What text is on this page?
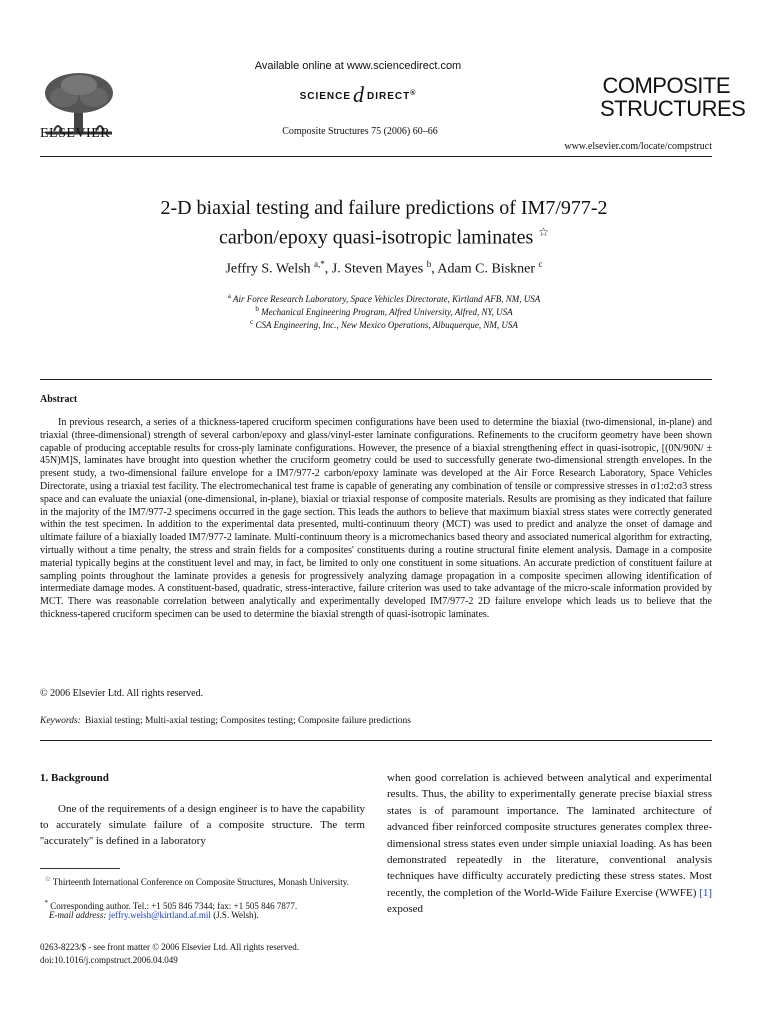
ELSEVIER
Available online at www.sciencedirect.com
SCIENCEd DIRECT®
Composite Structures 75 (2006) 60–66
COMPOSITE
STRUCTURES
www.elsevier.com/locate/compstruct
2-D biaxial testing and failure predictions of IM7/977-2
carbon/epoxy quasi-isotropic laminates ☆
Jeffry S. Welsh $^{a,*}$, J. Steven Mayes $^b$, Adam C. Biskner $^c$
$^a$ Air Force Research Laboratory, Space Vehicles Directorate, Kirtland AFB, NM, USA
$^b$ Mechanical Engineering Program, Alfred University, Alfred, NY, USA
$^c$ CSA Engineering, Inc., New Mexico Operations, Albuquerque, NM, USA
Abstract
In previous research, a series of a thickness-tapered cruciform specimen configurations have been used to determine the biaxial (two-dimensional, in-plane) and triaxial (three-dimensional) strength of several carbon/epoxy and glass/vinyl-ester laminate configurations. Refinements to the cruciform geometry have been shown capable of producing acceptable results for cross-ply laminate configurations. However, the presence of a biaxial strengthening effect in quasi-isotropic, [(0N/90N/ ± 45N)M]S, laminates have brought into question whether the cruciform geometry could be used to successfully generate two-dimensional strength envelopes. In the present study, a two-dimensional failure envelope for a IM7/977-2 carbon/epoxy laminate was developed at the Air Force Research Laboratory, Space Vehicles Directorate, using a triaxial test facility. The electromechanical test frame is capable of generating any combination of tensile or compressive stresses in σ1:σ2:σ3 stress space and can evaluate the uniaxial (one-dimensional, in-plane), biaxial or triaxial response of composite materials. Results are promising as they indicated that failure in the majority of the IM7/977-2 specimens occurred in the gage section. This leads the authors to believe that maximum biaxial stress states were correctly generated within the test specimen. In addition to the experimental data presented, multi-continuum theory (MCT) was used to predict and analyze the onset of damage and ultimate failure of a biaxially loaded IM7/977-2 laminate. Multi-continuum theory is a micromechanics based theory and associated numerical algorithm for extracting, virtually without a time penalty, the stress and strain fields for a composites' constituents during a routine structural finite element analysis. Damage in a composite material typically begins at the constituent level and may, in fact, be limited to only one constituent in some situations. An accurate prediction of constituent failure at sampling points throughout the laminate provides a genesis for progressively analyzing damage propagation in a composite specimen allowing identification of intermediate damage modes. A constituent-based, quadratic, stress-interactive, failure criterion was used to take advantage of the micro-scale information provided by MCT. There was reasonable correlation between analytically and experimentally developed IM7/977-2 2D failure envelope which leads us to believe that the thickness-tapered cruciform specimen can be used to determine the biaxial strength of quasi-isotropic laminates.
© 2006 Elsevier Ltd. All rights reserved.
Keywords: Biaxial testing; Multi-axial testing; Composites testing; Composite failure predictions
1. Background
One of the requirements of a design engineer is to have the capability to accurately simulate failure of a composite structure. The term ''accurately'' is defined in a laboratory
when good correlation is achieved between analytical and experimental results. Thus, the ability to experimentally generate precise biaxial stress states is of paramount importance. The laminated architecture of advanced fiber reinforced composite structures generates complex three-dimensional stress states even under simple uniaxial loading. As has been demonstrated repeatedly in the literature, conventional analysis techniques have difficulty accurately predicting these stress states. Most recently, the completion of the World-Wide Failure Exercise (WWFE) [1] exposed
☆ Thirteenth International Conference on Composite Structures, Monash University.
* Corresponding author. Tel.: +1 505 846 7344; fax: +1 505 846 7877.
E-mail address: jeffry.welsh@kirtland.af.mil (J.S. Welsh).
0263-8223/$ - see front matter © 2006 Elsevier Ltd. All rights reserved.
doi:10.1016/j.compstruct.2006.04.049
